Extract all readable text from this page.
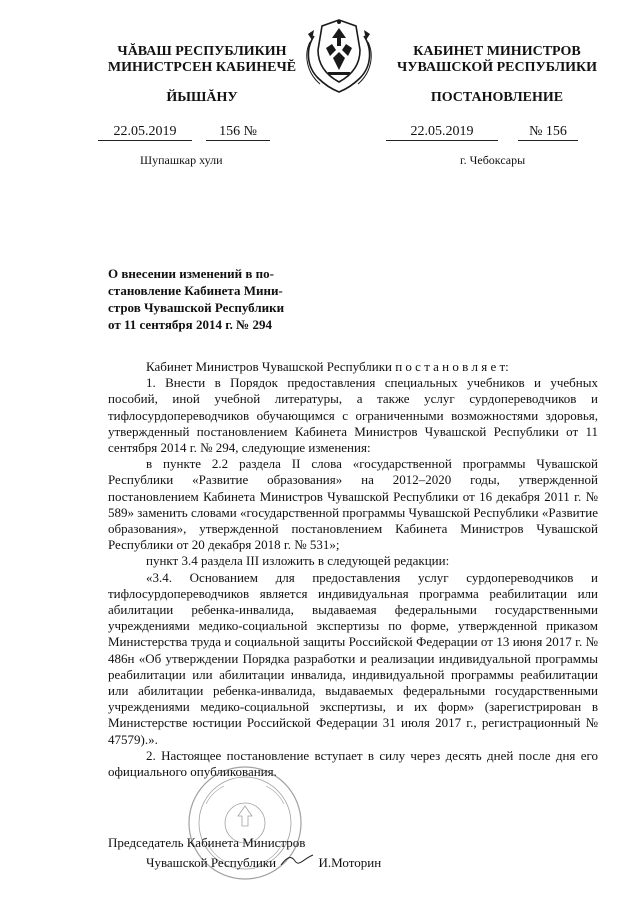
ЧĂВАШ РЕСПУБЛИКИН
МИНИСТРСЕН КАБИНЕЧĔ
ЙЫШĂНУ
КАБИНЕТ МИНИСТРОВ
ЧУВАШСКОЙ РЕСПУБЛИКИ
ПОСТАНОВЛЕНИЕ
22.05.2019	156 №	22.05.2019	№ 156
Шупашкар хули	г. Чебоксары
О внесении изменений в по-
становление Кабинета Мини-
стров Чувашской Республики
от 11 сентября 2014 г. № 294

Кабинет Министров Чувашской Республики п о с т а н о в л я е т:

1. Внести в Порядок предоставления специальных учебников и учебных пособий, иной учебной литературы, а также услуг сурдопереводчиков и тифлосурдопереводчиков обучающимся с ограниченными возможностями здоровья, утвержденный постановлением Кабинета Министров Чувашской Республики от 11 сентября 2014 г. № 294, следующие изменения:

в пункте 2.2 раздела II слова «государственной программы Чувашской Республики «Развитие образования» на 2012–2020 годы, утвержденной постановлением Кабинета Министров Чувашской Республики от 16 декабря 2011 г. № 589» заменить словами «государственной программы Чувашской Республики «Развитие образования», утвержденной постановлением Кабинета Министров Чувашской Республики от 20 декабря 2018 г. № 531»;

пункт 3.4 раздела III изложить в следующей редакции:

«3.4. Основанием для предоставления услуг сурдопереводчиков и тифлосурдопереводчиков является индивидуальная программа реабилитации или абилитации ребенка-инвалида, выдаваемая федеральными государственными учреждениями медико-социальной экспертизы по форме, утвержденной приказом Министерства труда и социальной защиты Российской Федерации от 13 июня 2017 г. № 486н «Об утверждении Порядка разработки и реализации индивидуальной программы реабилитации или абилитации инвалида, индивидуальной программы реабилитации или абилитации ребенка-инвалида, выдаваемых федеральными государственными учреждениями медико-социальной экспертизы, и их форм» (зарегистрирован в Министерстве юстиции Российской Федерации 31 июля 2017 г., регистрационный № 47579).».

2. Настоящее постановление вступает в силу через десять дней после дня его официального опубликования.

Председатель Кабинета Министров
Чувашской Республики	И.Моторин
